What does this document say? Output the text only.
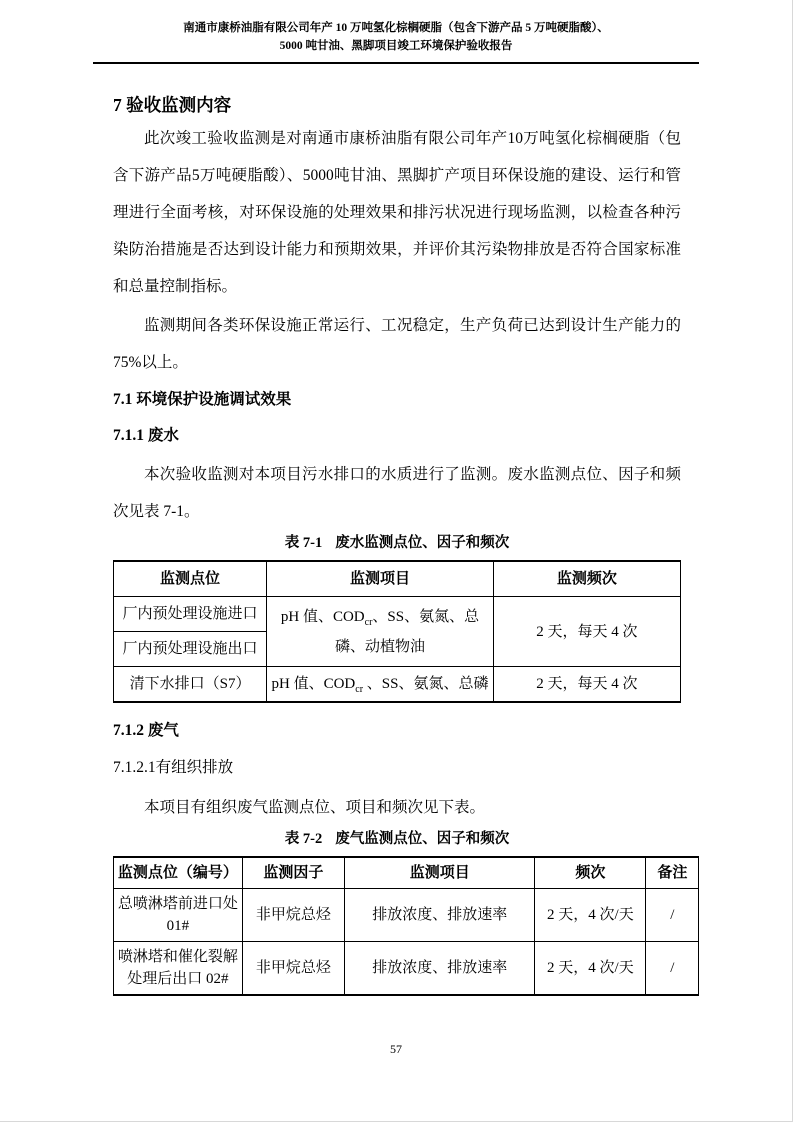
南通市康桥油脂有限公司年产 10 万吨氢化棕榈硬脂（包含下游产品 5 万吨硬脂酸）、
5000 吨甘油、黑脚项目竣工环境保护验收报告
7 验收监测内容

此次竣工验收监测是对南通市康桥油脂有限公司年产10万吨氢化棕榈硬脂（包含下游产品5万吨硬脂酸）、5000吨甘油、黑脚扩产项目环保设施的建设、运行和管理进行全面考核，对环保设施的处理效果和排污状况进行现场监测，以检查各种污染防治措施是否达到设计能力和预期效果，并评价其污染物排放是否符合国家标准和总量控制指标。

监测期间各类环保设施正常运行、工况稳定，生产负荷已达到设计生产能力的75%以上。

7.1 环境保护设施调试效果
7.1.1 废水

本次验收监测对本项目污水排口的水质进行了监测。废水监测点位、因子和频次见表 7-1。

表 7-1 废水监测点位、因子和频次
监测点位	监测项目	监测频次
厂内预处理设施进口	pH 值、$COD_{cr}$、SS、氨氮、总磷、动植物油	2 天，每天 4 次
厂内预处理设施出口		
清下水排口（S7）	pH 值、$COD_{cr}$ 、SS、氨氮、总磷	2 天，每天 4 次
7.1.2 废气
7.1.2.1有组织排放

本项目有组织废气监测点位、项目和频次见下表。

表 7-2 废气监测点位、因子和频次
监测点位（编号）	监测因子	监测项目	频次	备注
总喷淋塔前进口处 01#	非甲烷总烃	排放浓度、排放速率	2 天，4 次/天	/
喷淋塔和催化裂解处理后出口 02#	非甲烷总烃	排放浓度、排放速率	2 天，4 次/天	/
57
